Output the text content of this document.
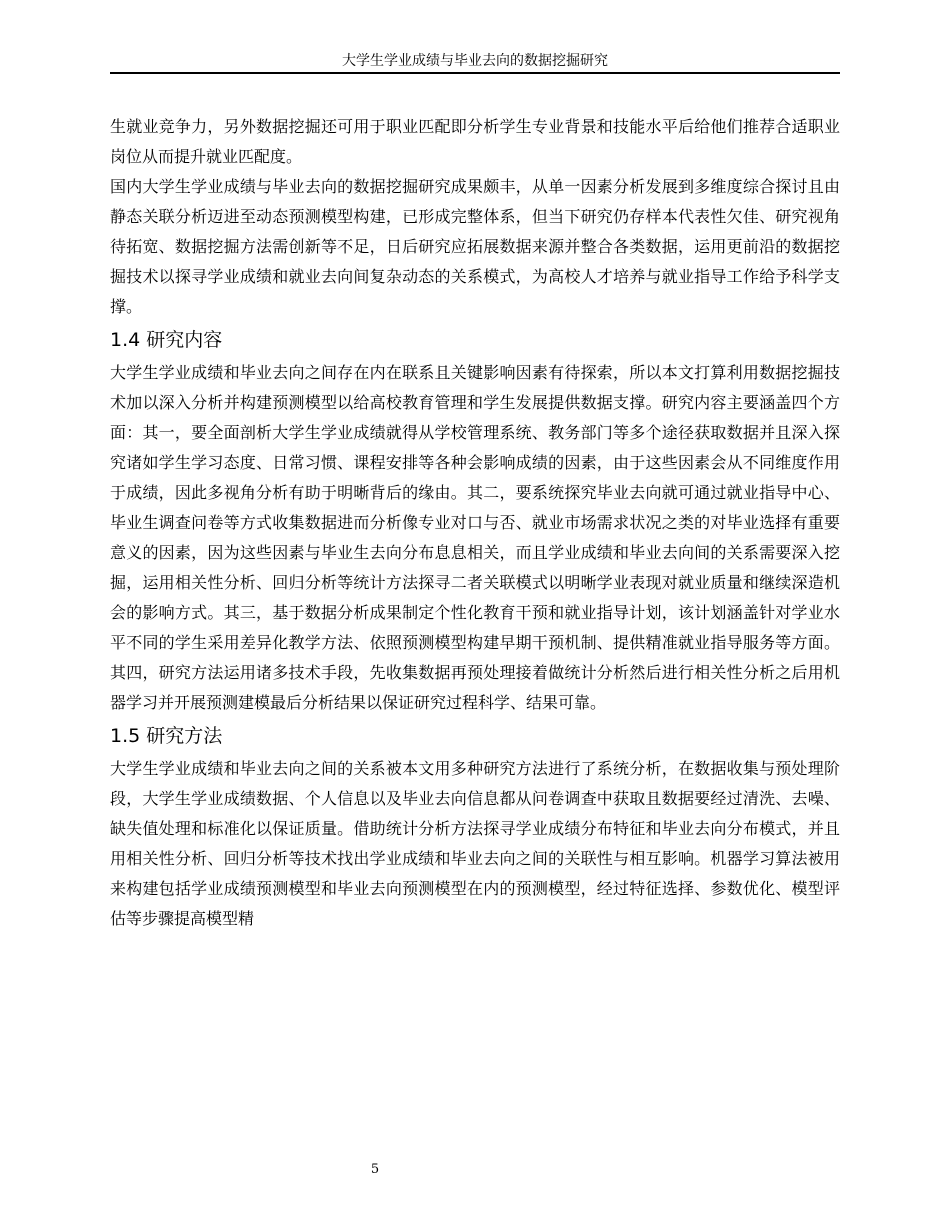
大学生学业成绩与毕业去向的数据挖掘研究

生就业竞争力，另外数据挖掘还可用于职业匹配即分析学生专业背景和技能水平后给他们推荐合适职业岗位从而提升就业匹配度。

国内大学生学业成绩与毕业去向的数据挖掘研究成果颇丰，从单一因素分析发展到多维度综合探讨且由静态关联分析迈进至动态预测模型构建，已形成完整体系，但当下研究仍存样本代表性欠佳、研究视角待拓宽、数据挖掘方法需创新等不足，日后研究应拓展数据来源并整合各类数据，运用更前沿的数据挖掘技术以探寻学业成绩和就业去向间复杂动态的关系模式，为高校人才培养与就业指导工作给予科学支撑。

1.4 研究内容

大学生学业成绩和毕业去向之间存在内在联系且关键影响因素有待探索，所以本文打算利用数据挖掘技术加以深入分析并构建预测模型以给高校教育管理和学生发展提供数据支撑。研究内容主要涵盖四个方面：其一，要全面剖析大学生学业成绩就得从学校管理系统、教务部门等多个途径获取数据并且深入探究诸如学生学习态度、日常习惯、课程安排等各种会影响成绩的因素，由于这些因素会从不同维度作用于成绩，因此多视角分析有助于明晰背后的缘由。其二，要系统探究毕业去向就可通过就业指导中心、毕业生调查问卷等方式收集数据进而分析像专业对口与否、就业市场需求状况之类的对毕业选择有重要意义的因素，因为这些因素与毕业生去向分布息息相关，而且学业成绩和毕业去向间的关系需要深入挖掘，运用相关性分析、回归分析等统计方法探寻二者关联模式以明晰学业表现对就业质量和继续深造机会的影响方式。其三，基于数据分析成果制定个性化教育干预和就业指导计划，该计划涵盖针对学业水平不同的学生采用差异化教学方法、依照预测模型构建早期干预机制、提供精准就业指导服务等方面。其四，研究方法运用诸多技术手段，先收集数据再预处理接着做统计分析然后进行相关性分析之后用机器学习并开展预测建模最后分析结果以保证研究过程科学、结果可靠。

1.5 研究方法

大学生学业成绩和毕业去向之间的关系被本文用多种研究方法进行了系统分析，在数据收集与预处理阶段，大学生学业成绩数据、个人信息以及毕业去向信息都从问卷调查中获取且数据要经过清洗、去噪、缺失值处理和标准化以保证质量。借助统计分析方法探寻学业成绩分布特征和毕业去向分布模式，并且用相关性分析、回归分析等技术找出学业成绩和毕业去向之间的关联性与相互影响。机器学习算法被用来构建包括学业成绩预测模型和毕业去向预测模型在内的预测模型，经过特征选择、参数优化、模型评估等步骤提高模型精

5
